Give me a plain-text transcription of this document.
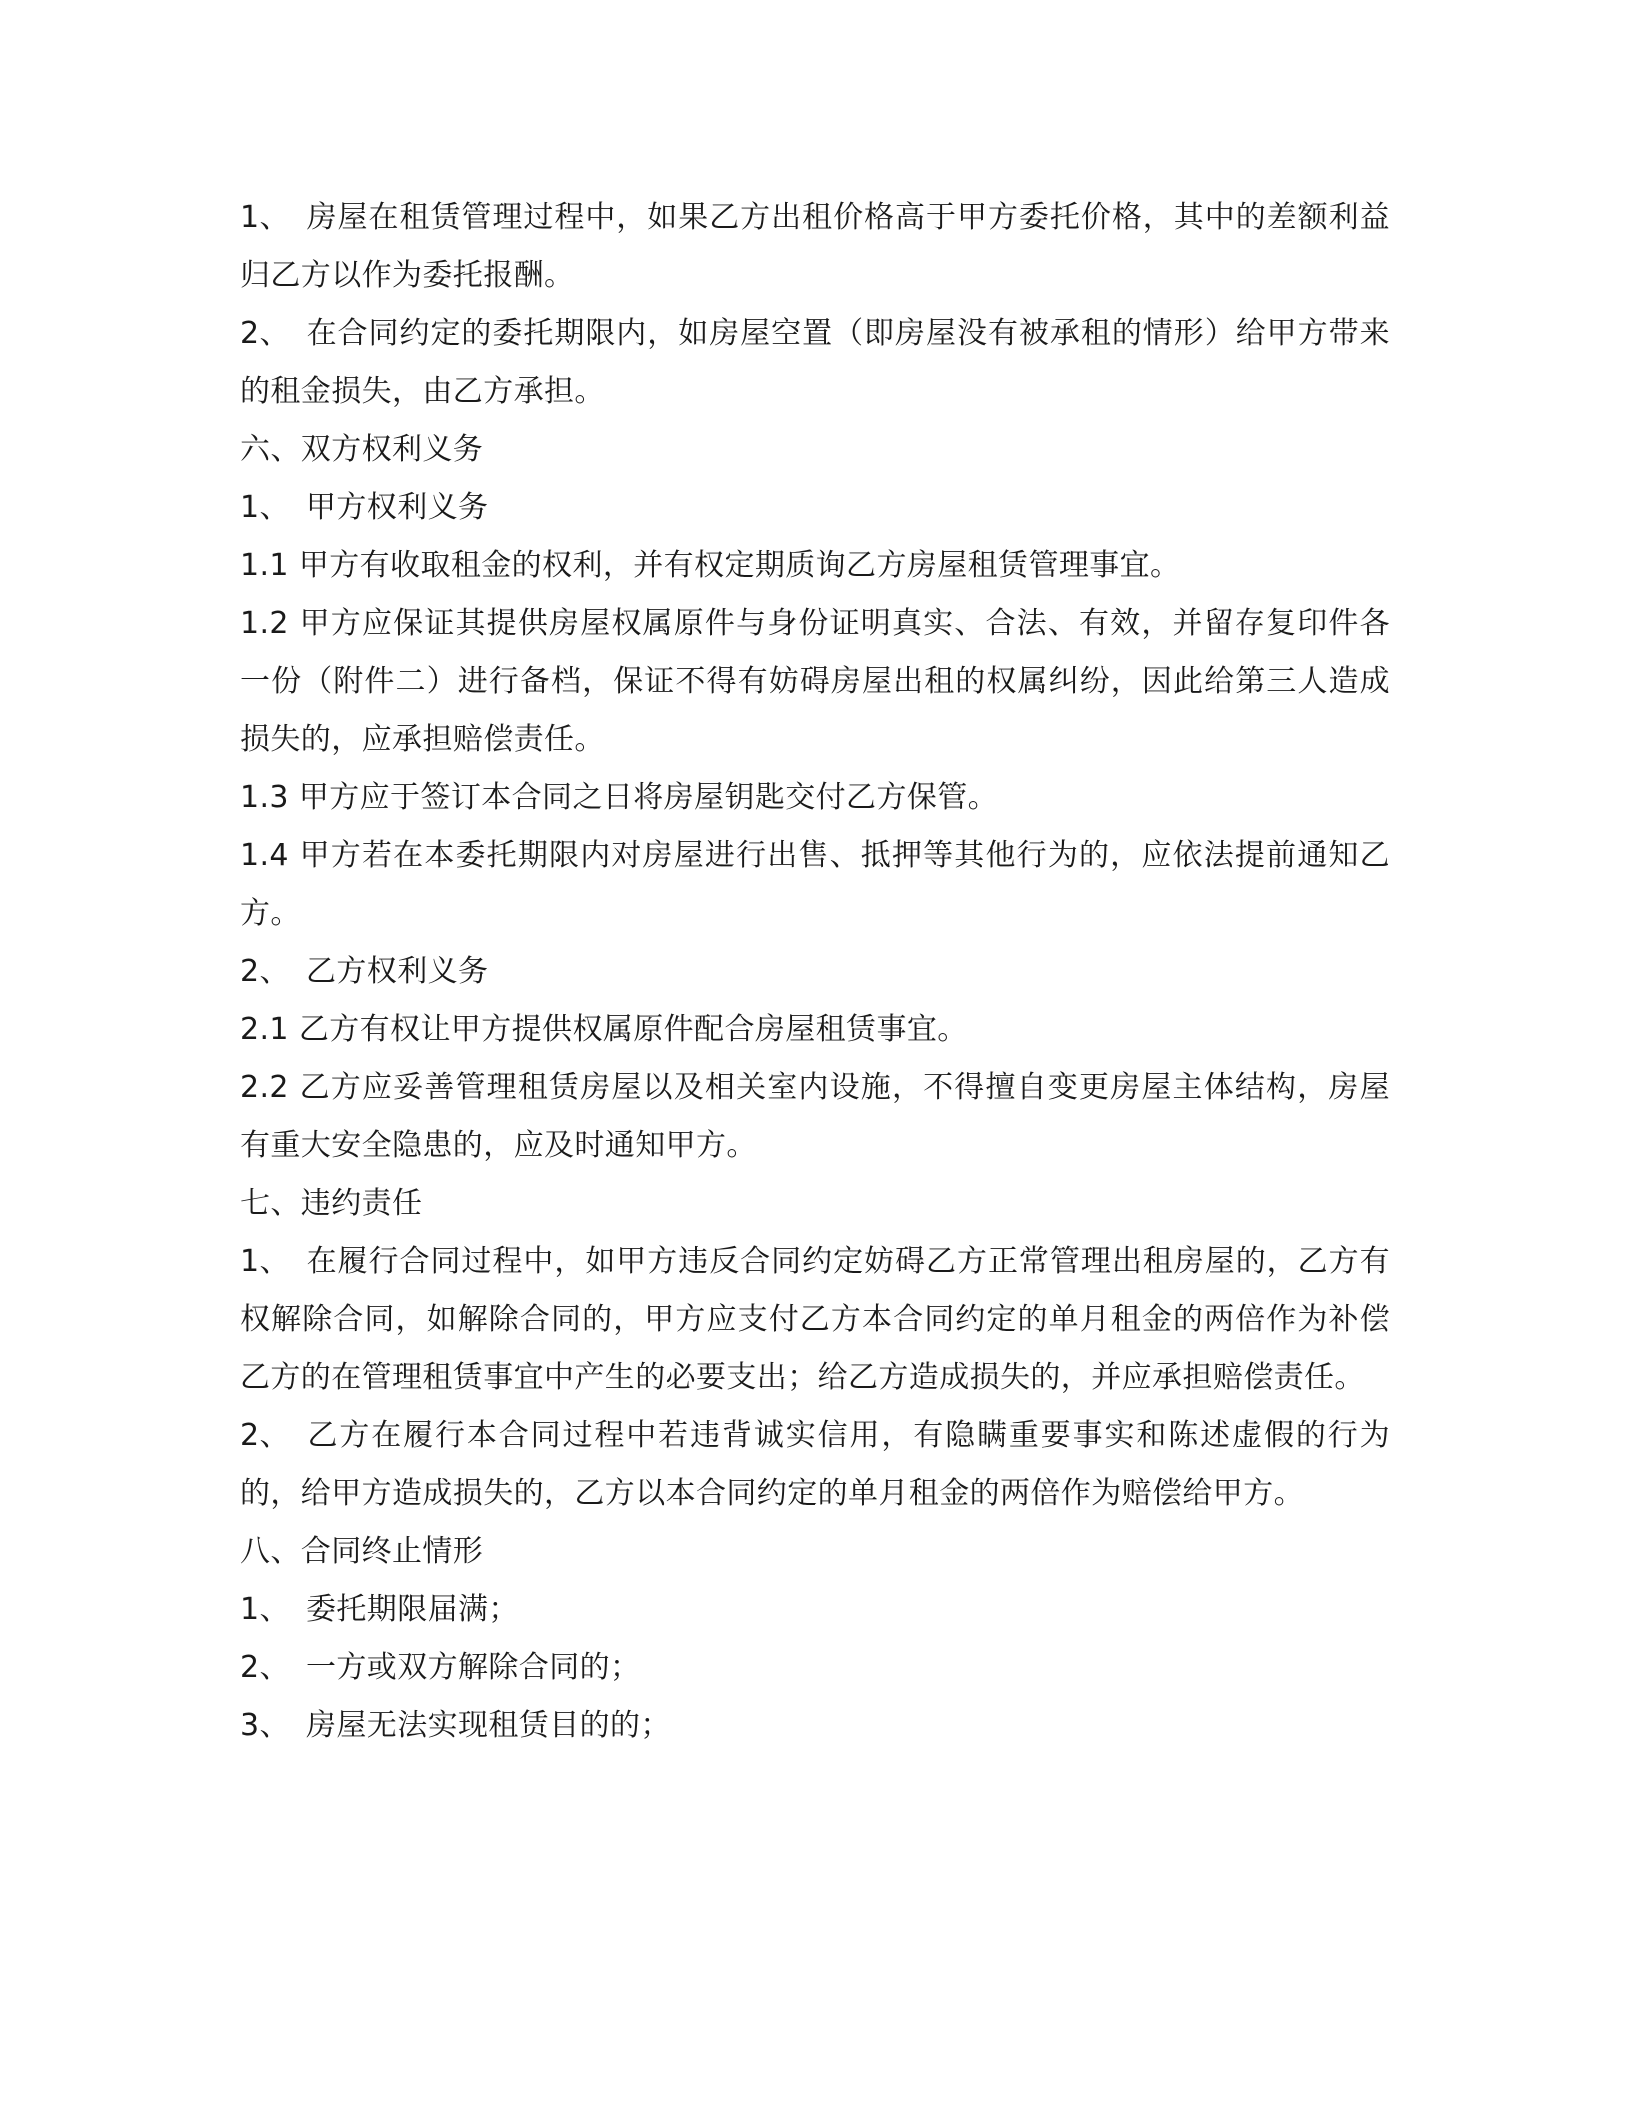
1、 房屋在租赁管理过程中，如果乙方出租价格高于甲方委托价格，其中的差额利益归乙方以作为委托报酬。

2、 在合同约定的委托期限内，如房屋空置（即房屋没有被承租的情形）给甲方带来的租金损失，由乙方承担。

六、双方权利义务

1、 甲方权利义务

1.1 甲方有收取租金的权利，并有权定期质询乙方房屋租赁管理事宜。

1.2 甲方应保证其提供房屋权属原件与身份证明真实、合法、有效，并留存复印件各一份（附件二）进行备档，保证不得有妨碍房屋出租的权属纠纷，因此给第三人造成损失的，应承担赔偿责任。

1.3 甲方应于签订本合同之日将房屋钥匙交付乙方保管。

1.4 甲方若在本委托期限内对房屋进行出售、抵押等其他行为的，应依法提前通知乙方。

2、 乙方权利义务

2.1 乙方有权让甲方提供权属原件配合房屋租赁事宜。

2.2 乙方应妥善管理租赁房屋以及相关室内设施，不得擅自变更房屋主体结构，房屋有重大安全隐患的，应及时通知甲方。

七、违约责任

1、 在履行合同过程中，如甲方违反合同约定妨碍乙方正常管理出租房屋的，乙方有权解除合同，如解除合同的，甲方应支付乙方本合同约定的单月租金的两倍作为补偿乙方的在管理租赁事宜中产生的必要支出；给乙方造成损失的，并应承担赔偿责任。

2、 乙方在履行本合同过程中若违背诚实信用，有隐瞒重要事实和陈述虚假的行为的，给甲方造成损失的，乙方以本合同约定的单月租金的两倍作为赔偿给甲方。

八、合同终止情形

1、 委托期限届满；

2、 一方或双方解除合同的；

3、 房屋无法实现租赁目的的；
